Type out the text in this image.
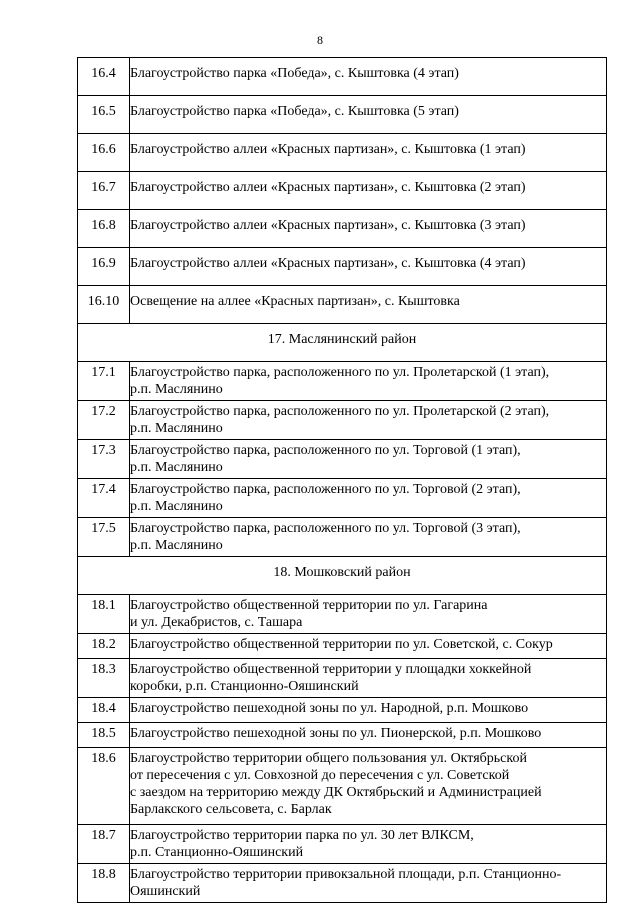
8
16.4	Благоустройство парка «Победа», с. Кыштовка (4 этап)

16.5	Благоустройство парка «Победа», с. Кыштовка (5 этап)

16.6	Благоустройство аллеи «Красных партизан», с. Кыштовка (1 этап)

16.7	Благоустройство аллеи «Красных партизан», с. Кыштовка (2 этап)

16.8	Благоустройство аллеи «Красных партизан», с. Кыштовка (3 этап)

16.9	Благоустройство аллеи «Красных партизан», с. Кыштовка (4 этап)

16.10	Освещение на аллее «Красных партизан», с. Кыштовка

17. Маслянинский район	
17.1	Благоустройство парка, расположенного по ул. Пролетарской (1 этап),
р.п. Маслянино

17.2	Благоустройство парка, расположенного по ул. Пролетарской (2 этап),
р.п. Маслянино

17.3	Благоустройство парка, расположенного по ул. Торговой (1 этап),
р.п. Маслянино

17.4	Благоустройство парка, расположенного по ул. Торговой (2 этап),
р.п. Маслянино

17.5	Благоустройство парка, расположенного по ул. Торговой (3 этап),
р.п. Маслянино

18. Мошковский район	
18.1	Благоустройство общественной территории по ул. Гагарина
и ул. Декабристов, с. Ташара

18.2	Благоустройство общественной территории по ул. Советской, с. Сокур

18.3	Благоустройство общественной территории у площадки хоккейной
коробки, р.п. Станционно-Ояшинский

18.4	Благоустройство пешеходной зоны по ул. Народной, р.п. Мошково

18.5	Благоустройство пешеходной зоны по ул. Пионерской, р.п. Мошково

18.6	Благоустройство территории общего пользования ул. Октябрьской
от пересечения с ул. Совхозной до пересечения с ул. Советской
с заездом на территорию между ДК Октябрьский и Администрацией
Барлакского сельсовета, с. Барлак

18.7	Благоустройство территории парка по ул. 30 лет ВЛКСМ,
р.п. Станционно-Ояшинский

18.8	Благоустройство территории привокзальной площади, р.п. Станционно-
Ояшинский
